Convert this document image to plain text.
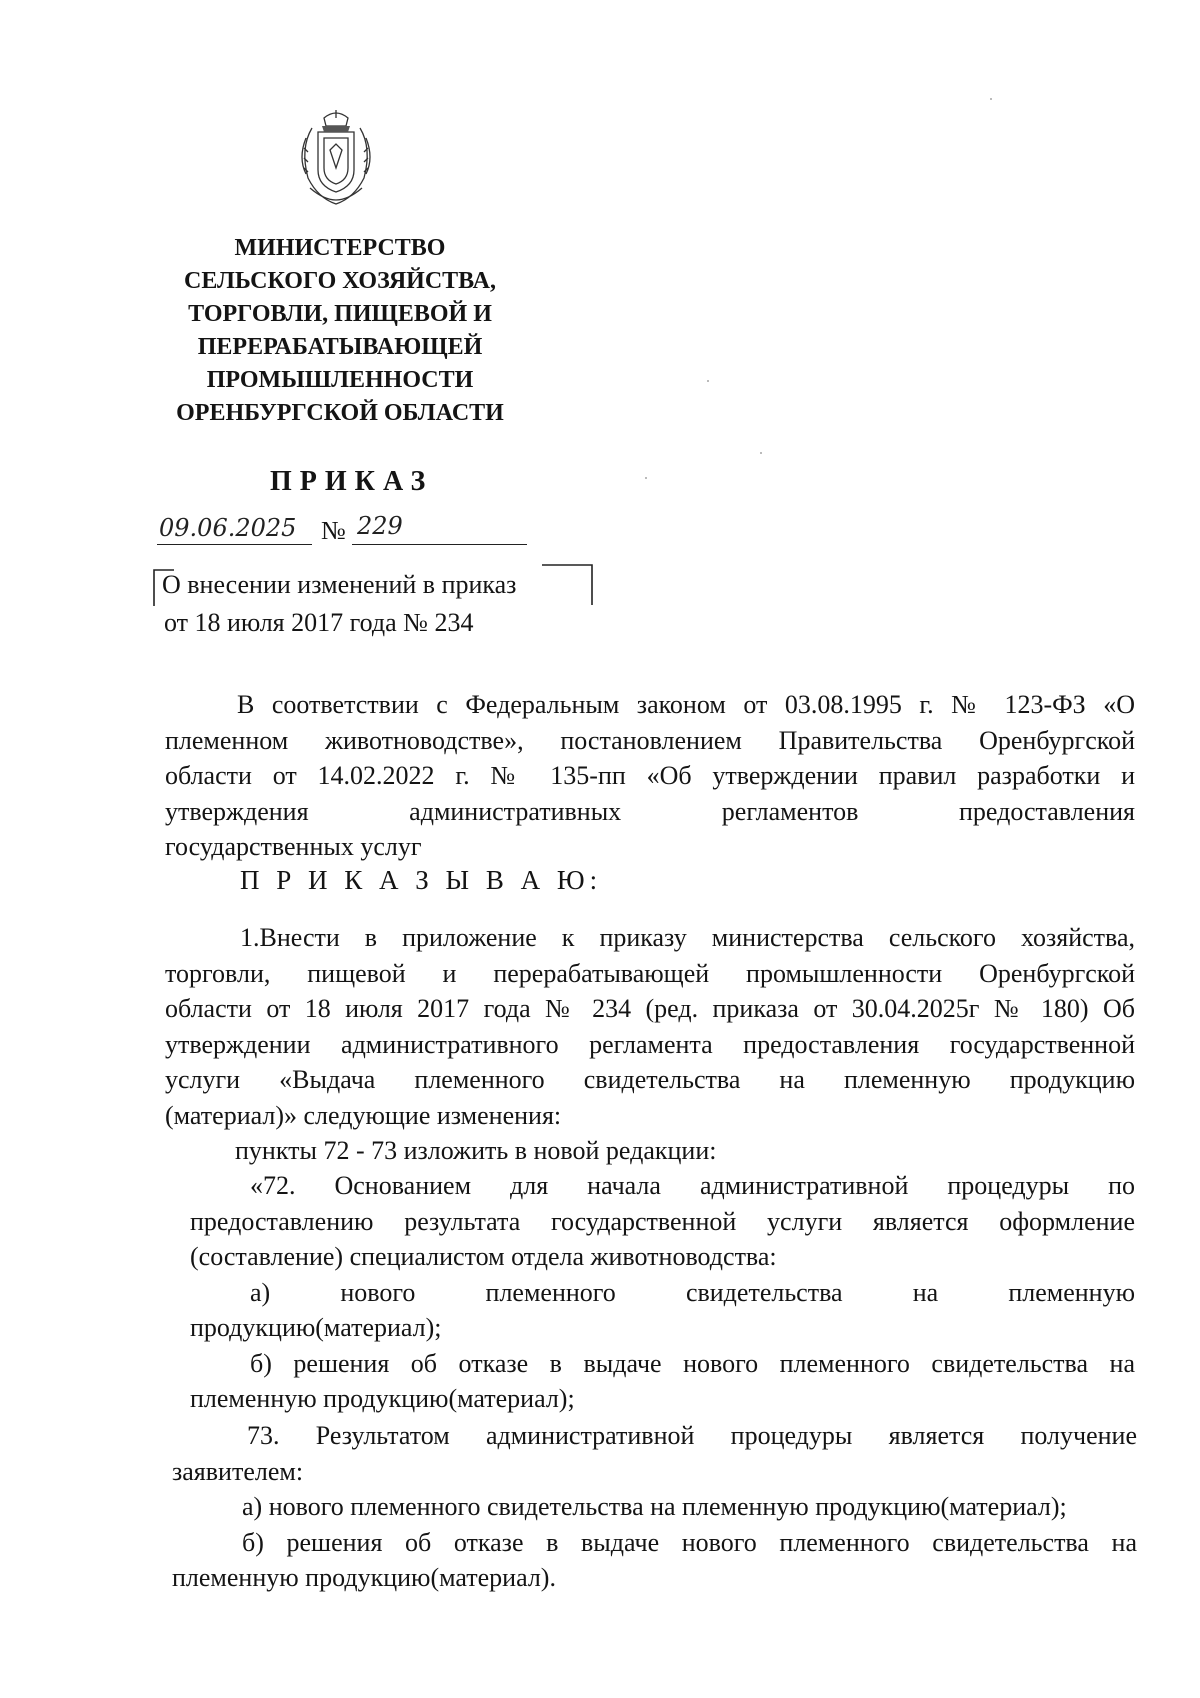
МИНИСТЕРСТВО
СЕЛЬСКОГО ХОЗЯЙСТВА,
ТОРГОВЛИ, ПИЩЕВОЙ И
ПЕРЕРАБАТЫВАЮЩЕЙ
ПРОМЫШЛЕННОСТИ
ОРЕНБУРГСКОЙ ОБЛАСТИ
ПРИКАЗ
09.06.2025 № 229
О внесении изменений в приказ
от 18 июля 2017 года № 234
В соответствии с Федеральным законом от 03.08.1995 г. № 123-ФЗ «О
племенном животноводстве», постановлением Правительства Оренбургской
области от 14.02.2022 г. № 135-пп «Об утверждении правил разработки и
утверждения административных регламентов предоставления
государственных услуг
П Р И К А З Ы В А Ю:
1.Внести в приложение к приказу министерства сельского хозяйства,
торговли, пищевой и перерабатывающей промышленности Оренбургской
области от 18 июля 2017 года № 234 (ред. приказа от 30.04.2025г № 180) Об
утверждении административного регламента предоставления государственной
услуги «Выдача племенного свидетельства на племенную продукцию
(материал)» следующие изменения:
пункты 72 - 73 изложить в новой редакции:
«72. Основанием для начала административной процедуры по
предоставлению результата государственной услуги является оформление
(составление) специалистом отдела животноводства:
а) нового племенного свидетельства на племенную
продукцию(материал);
б) решения об отказе в выдаче нового племенного свидетельства на
племенную продукцию(материал);
73. Результатом административной процедуры является получение
заявителем:
а) нового племенного свидетельства на племенную продукцию(материал);
б) решения об отказе в выдаче нового племенного свидетельства на
племенную продукцию(материал).
